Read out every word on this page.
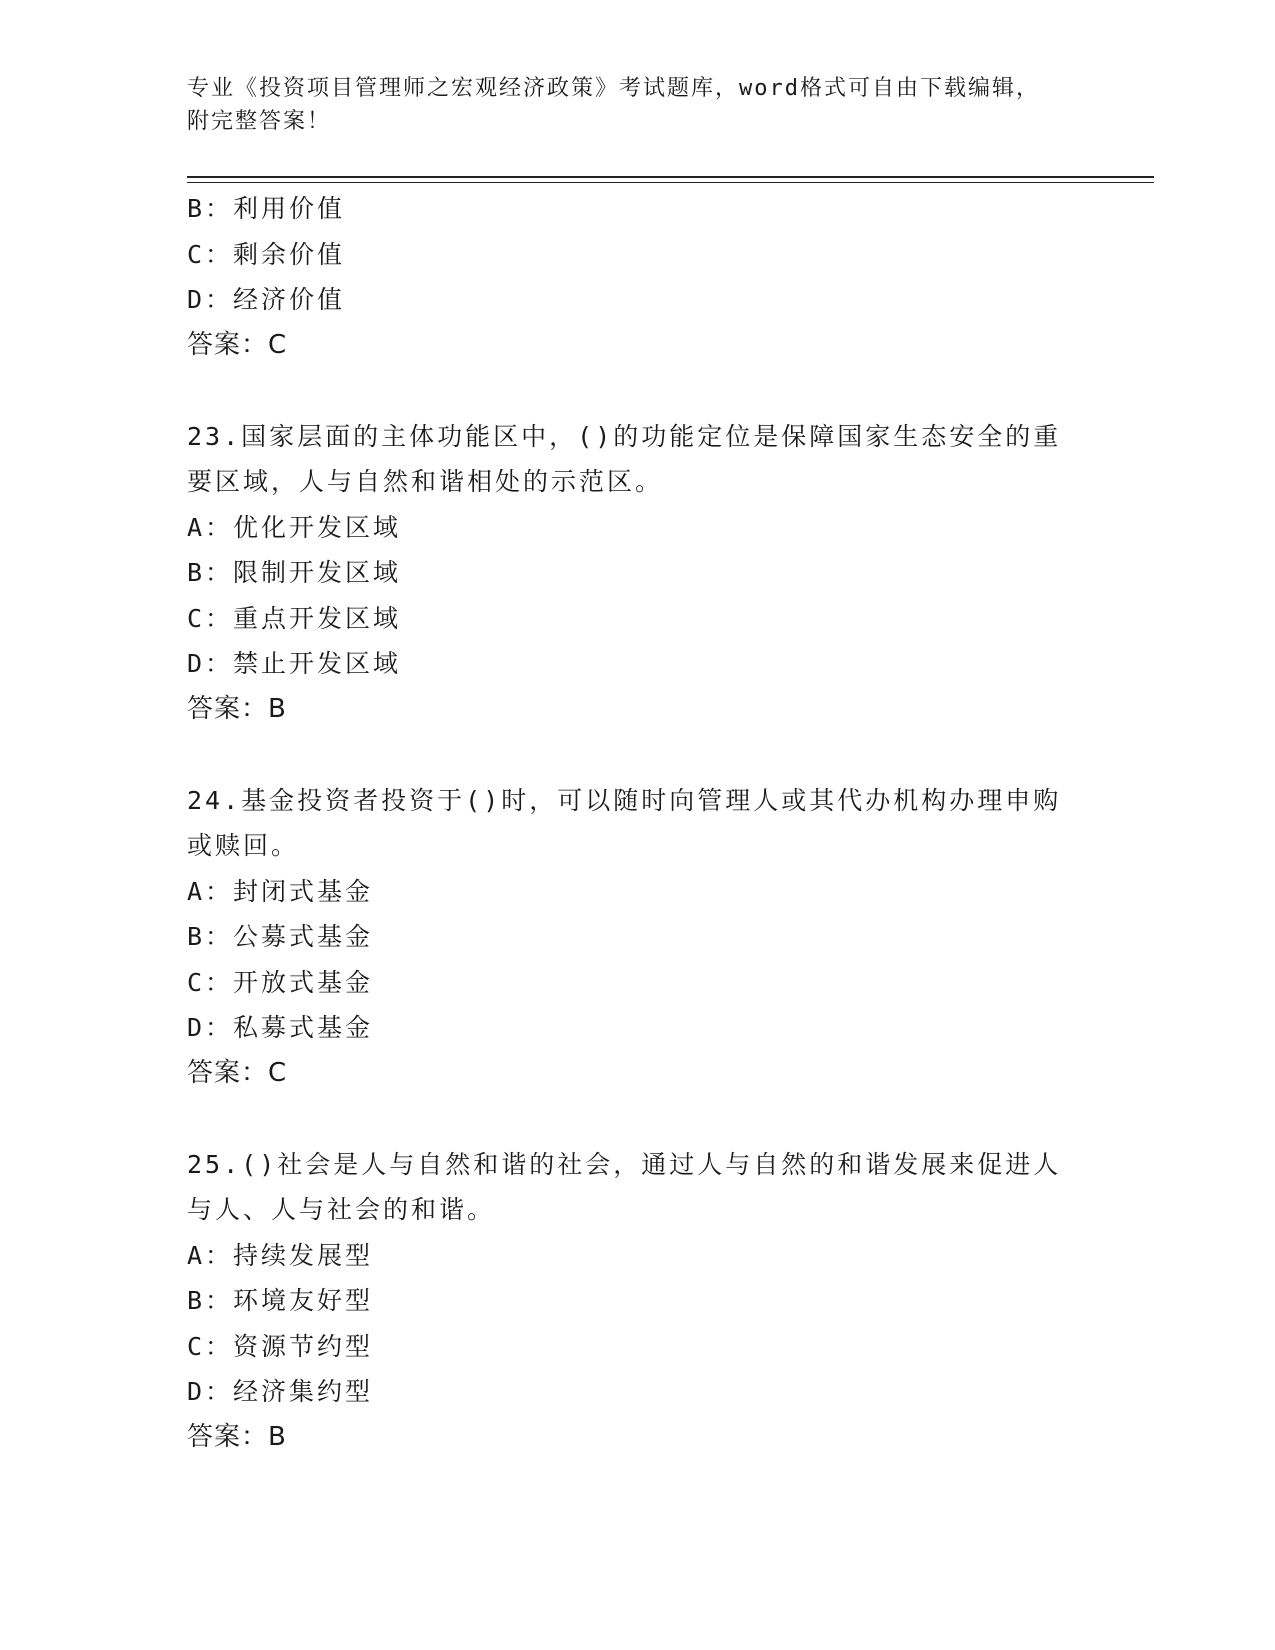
专业《投资项目管理师之宏观经济政策》考试题库，word格式可自由下载编辑，
附完整答案！
B：利用价值
C：剩余价值
D：经济价值
答案：C
23.国家层面的主体功能区中，()的功能定位是保障国家生态安全的重
要区域，人与自然和谐相处的示范区。
A：优化开发区域
B：限制开发区域
C：重点开发区域
D：禁止开发区域
答案：B
24.基金投资者投资于()时，可以随时向管理人或其代办机构办理申购
或赎回。
A：封闭式基金
B：公募式基金
C：开放式基金
D：私募式基金
答案：C
25.()社会是人与自然和谐的社会，通过人与自然的和谐发展来促进人
与人、人与社会的和谐。
A：持续发展型
B：环境友好型
C：资源节约型
D：经济集约型
答案：B
